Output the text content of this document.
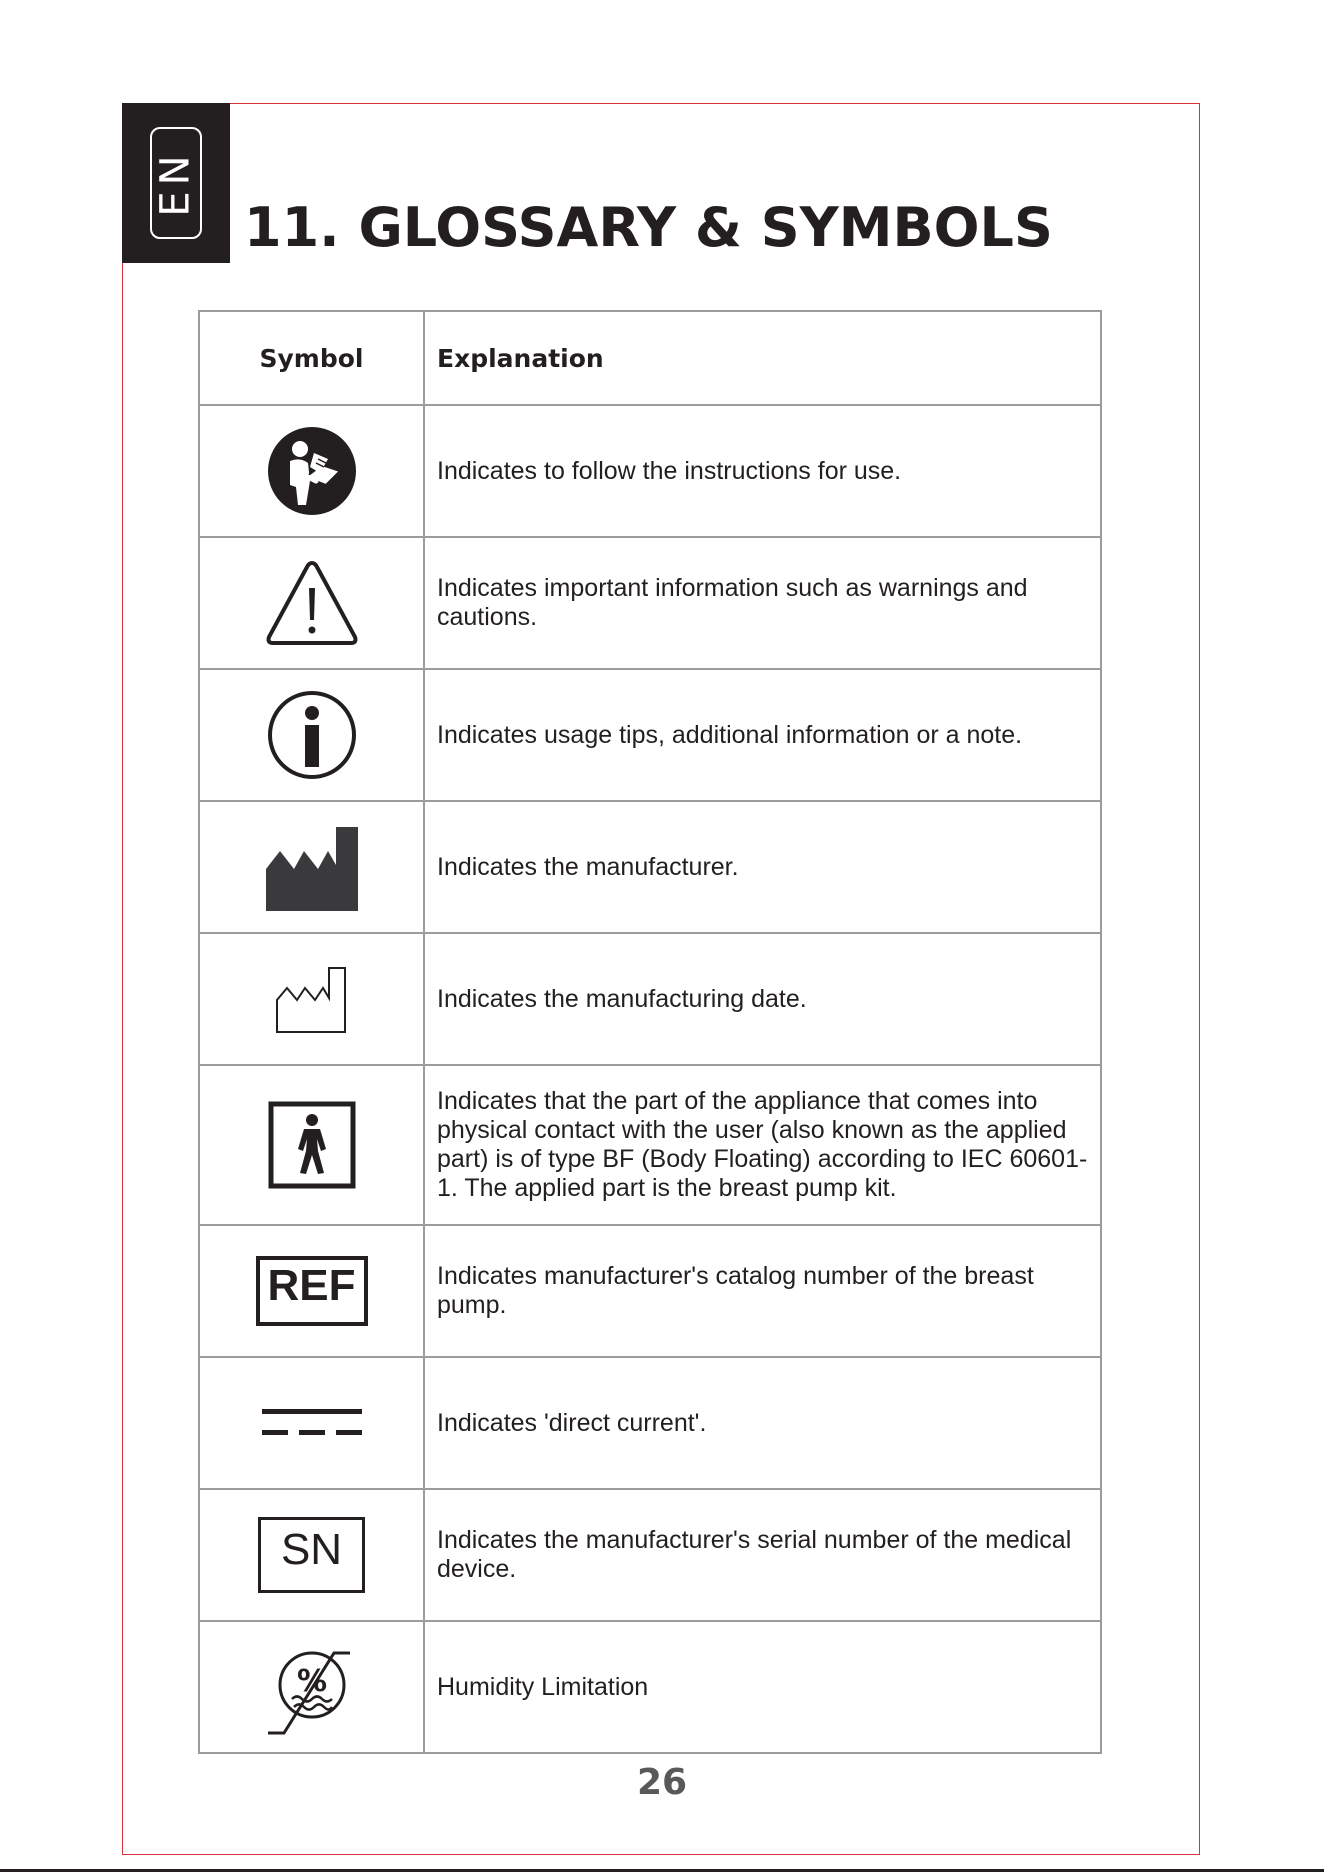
EN
11. GLOSSARY & SYMBOLS
Symbol	Explanation

	Indicates to follow the instructions for use.

	Indicates important information such as warnings and cautions.

	Indicates usage tips, additional information or a note.

	Indicates the manufacturer.

	Indicates the manufacturing date.

	Indicates that the part of the appliance that comes into physical contact with the user (also known as the applied part) is of type BF (Body Floating) according to IEC 60601-1. The applied part is the breast pump kit.
REF	Indicates manufacturer's catalog number of the breast pump.

	Indicates 'direct current'.
SN	Indicates the manufacturer's serial number of the medical device.

%	Humidity Limitation
26
